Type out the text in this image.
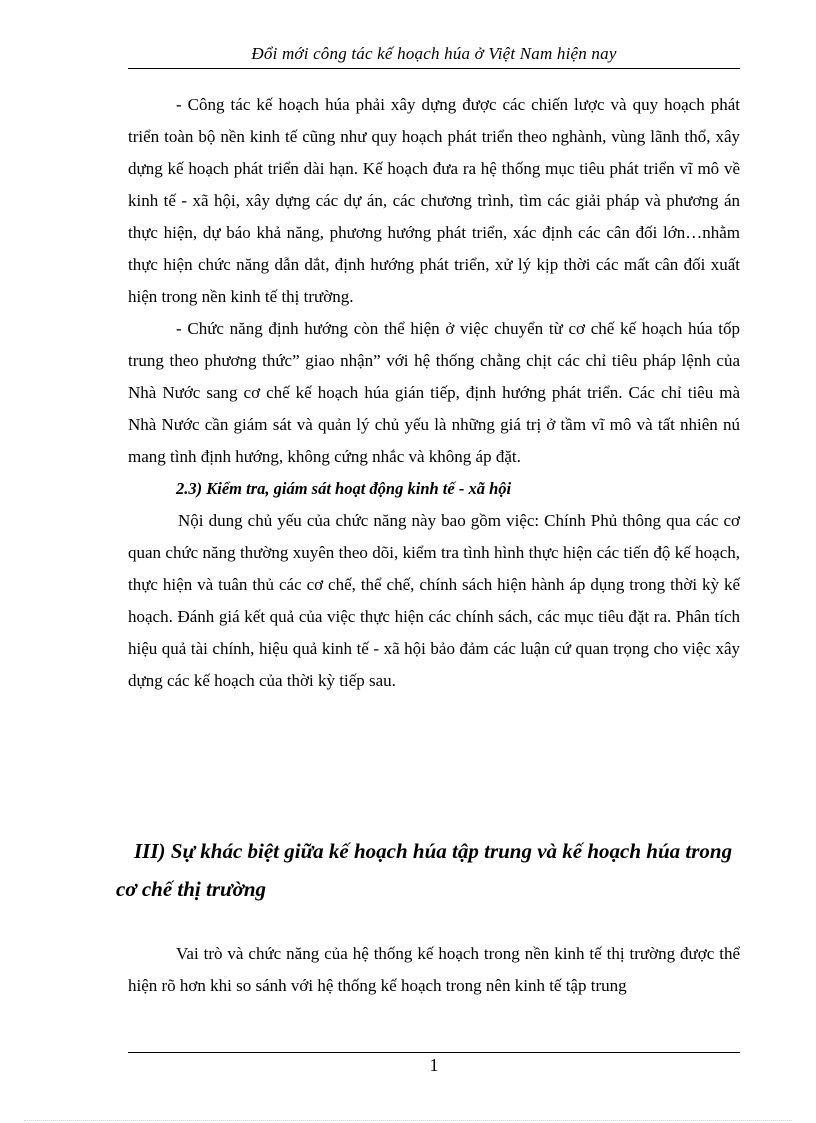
Đổi mới công tác kế hoạch húa ở Việt Nam hiện nay

- Công tác kế hoạch húa phải xây dựng được các chiến lược và quy hoạch phát triển toàn bộ nền kinh tế cũng như quy hoạch phát triển theo nghành, vùng lãnh thổ, xây dựng kế hoạch phát triển dài hạn. Kế hoạch đưa ra hệ thống mục tiêu phát triển vĩ mô về kinh tế - xã hội, xây dựng các dự án, các chương trình, tìm các giải pháp và phương án thực hiện, dự báo khả năng, phương hướng phát triển, xác định các cân đối lớn…nhằm thực hiện chức năng dẫn dắt, định hướng phát triển, xử lý kịp thời các mất cân đối xuất hiện trong nền kinh tế thị trường.

- Chức năng định hướng còn thể hiện ở việc chuyển từ cơ chế kế hoạch húa tốp trung theo phương thức” giao nhận” với hệ thống chằng chịt các chỉ tiêu pháp lệnh của Nhà Nước sang cơ chế kế hoạch húa gián tiếp, định hướng phát triển. Các chỉ tiêu mà Nhà Nước cần giám sát và quản lý chủ yếu là những giá trị ở tầm vĩ mô và tất nhiên nú mang tình định hướng, không cứng nhắc và không áp đặt.

2.3) Kiểm tra, giám sát hoạt động kinh tế - xã hội

Nội dung chủ yếu của chức năng này bao gồm việc: Chính Phủ thông qua các cơ quan chức năng thường xuyên theo dõi, kiểm tra tình hình thực hiện các tiến độ kế hoạch, thực hiện và tuân thủ các cơ chế, thể chế, chính sách hiện hành áp dụng trong thời kỳ kế hoạch. Đánh giá kết quả của việc thực hiện các chính sách, các mục tiêu đặt ra. Phân tích hiệu quả tài chính, hiệu quả kinh tế - xã hội bảo đảm các luận cứ quan trọng cho việc xây dựng các kế hoạch của thời kỳ tiếp sau.

III) Sự khác biệt giữa kế hoạch húa tập trung và kế hoạch húa trong cơ chế thị trường

Vai trò và chức năng của hệ thống kế hoạch trong nền kinh tế thị trường được thể hiện rõ hơn khi so sánh với hệ thống kế hoạch trong nên kinh tế tập trung

1
